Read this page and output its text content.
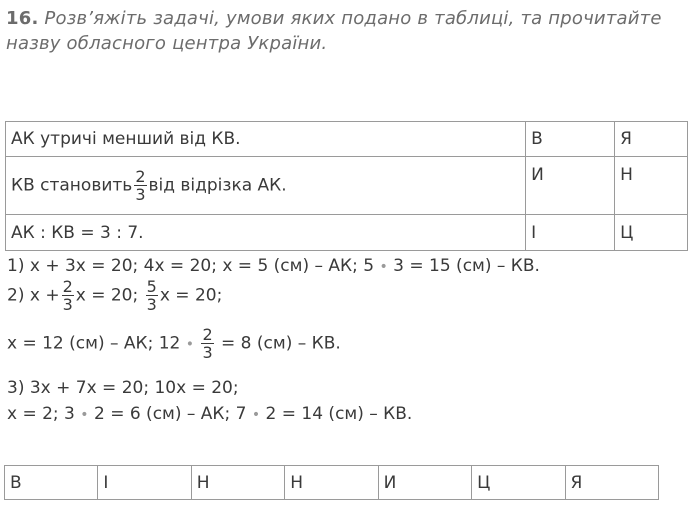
16. Розв’яжіть задачі, умови яких подано в таблиці, та прочитайте назву обласного центра України.
АК утричі менший від КВ.	В	Я
КВ становить $\frac{2}{3}$ від відрізка АК.	И	Н
АК : КВ = 3 : 7.	І	Ц
1) x + 3x = 20; 4x = 20; x = 5 (см) – АК; 5 • 3 = 15 (см) – КВ.
2) $x + \frac{2}{3}$ x = 20; $\frac{5}{3}$ x = 20;
x = 12 (см) – АК; 12 • $\frac{2}{3} = 8$ (см) – КВ.
3) 3x + 7x = 20; 10x = 20;
x = 2; 3 • 2 = 6 (см) – АК; 7 • 2 = 14 (см) – КВ.
В	І	Н	Н	И	Ц	Я
